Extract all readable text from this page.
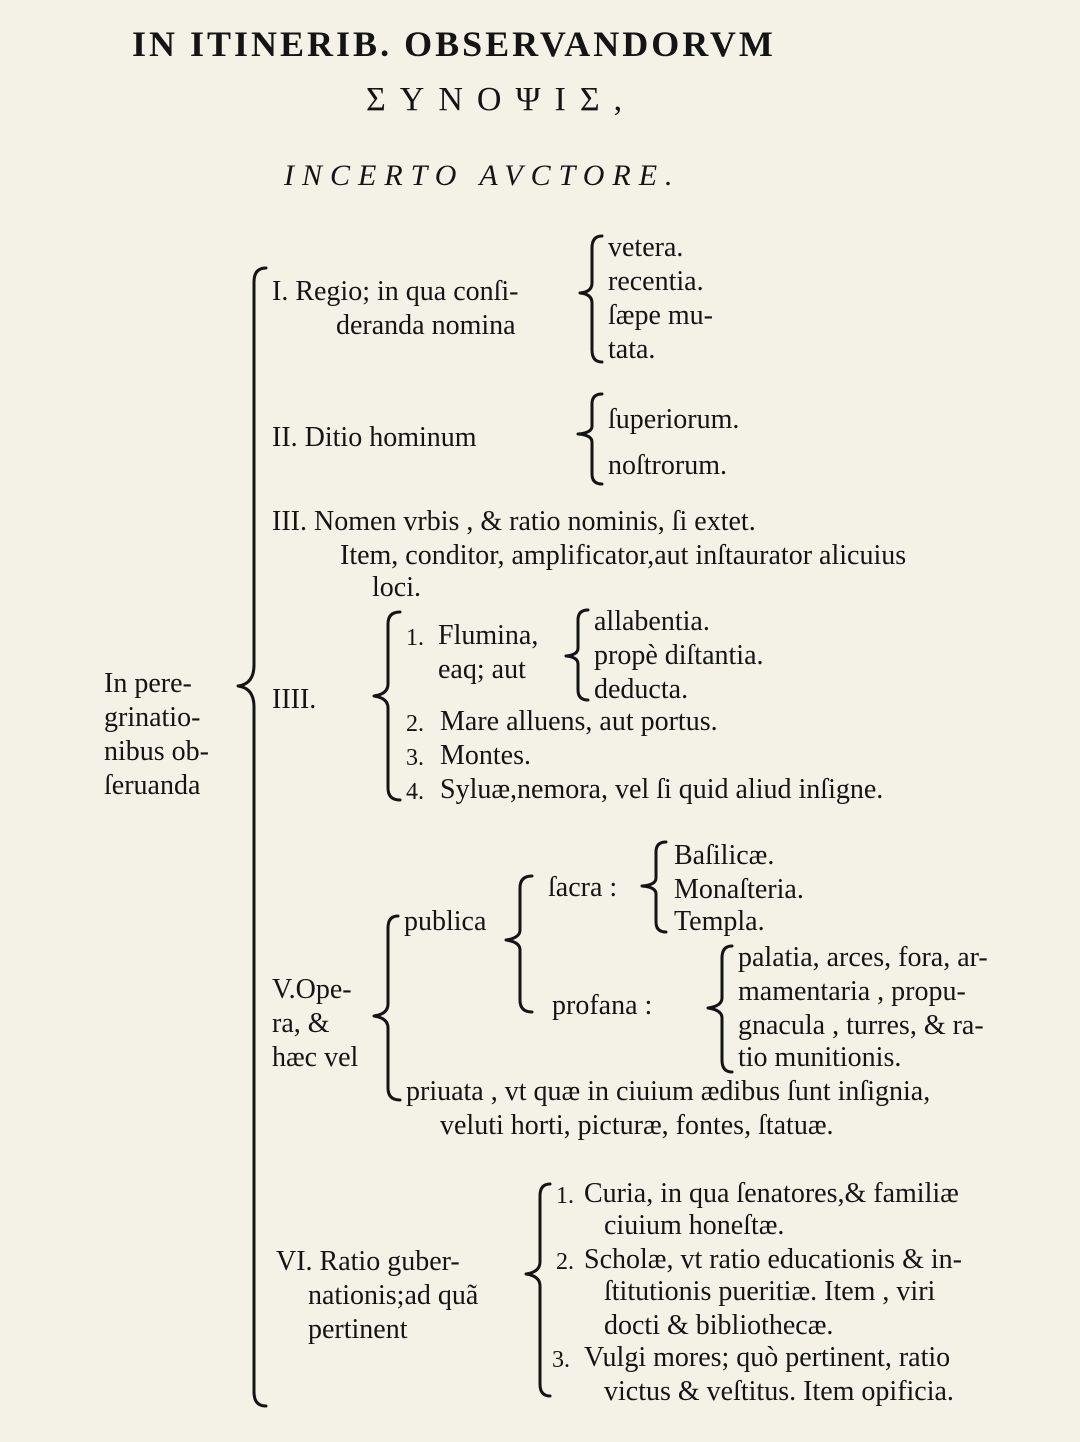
IN ITINERIB. OBSERVANDORVM
ΣΥΝΟΨΙΣ,
INCERTO AVCTORE.
In pere-
grinatio-
nibus ob-
ſeruanda
I. Regio; in qua conſi-
deranda nomina
vetera.
recentia.
ſæpe mu-
tata.
II. Ditio hominum
ſuperiorum.
noſtrorum.
III. Nomen vrbis , & ratio nominis, ſi extet.
Item, conditor, amplificator,aut inſtaurator alicuius
loci.
IIII.
1. Flumina,
eaq; aut
allabentia.
propè diſtantia.
deducta.
2. Mare alluens, aut portus.
3. Montes.
4. Syluæ,nemora, vel ſi quid aliud inſigne.
V.Ope-
ra, &
hæc vel
publica
ſacra :
Baſilicæ.
Monaſteria.
Templa.
profana :
palatia, arces, fora, ar-
mamentaria , propu-
gnacula , turres, & ra-
tio munitionis.
priuata , vt quæ in ciuium ædibus ſunt inſignia,
veluti horti, picturæ, fontes, ſtatuæ.
VI. Ratio guber-
nationis;ad quã
pertinent
1. Curia, in qua ſenatores,& familiæ
ciuium honeſtæ.
2. Scholæ, vt ratio educationis & in-
ſtitutionis pueritiæ. Item , viri
docti & bibliothecæ.
3. Vulgi mores; quò pertinent, ratio
victus & veſtitus. Item opificia.
